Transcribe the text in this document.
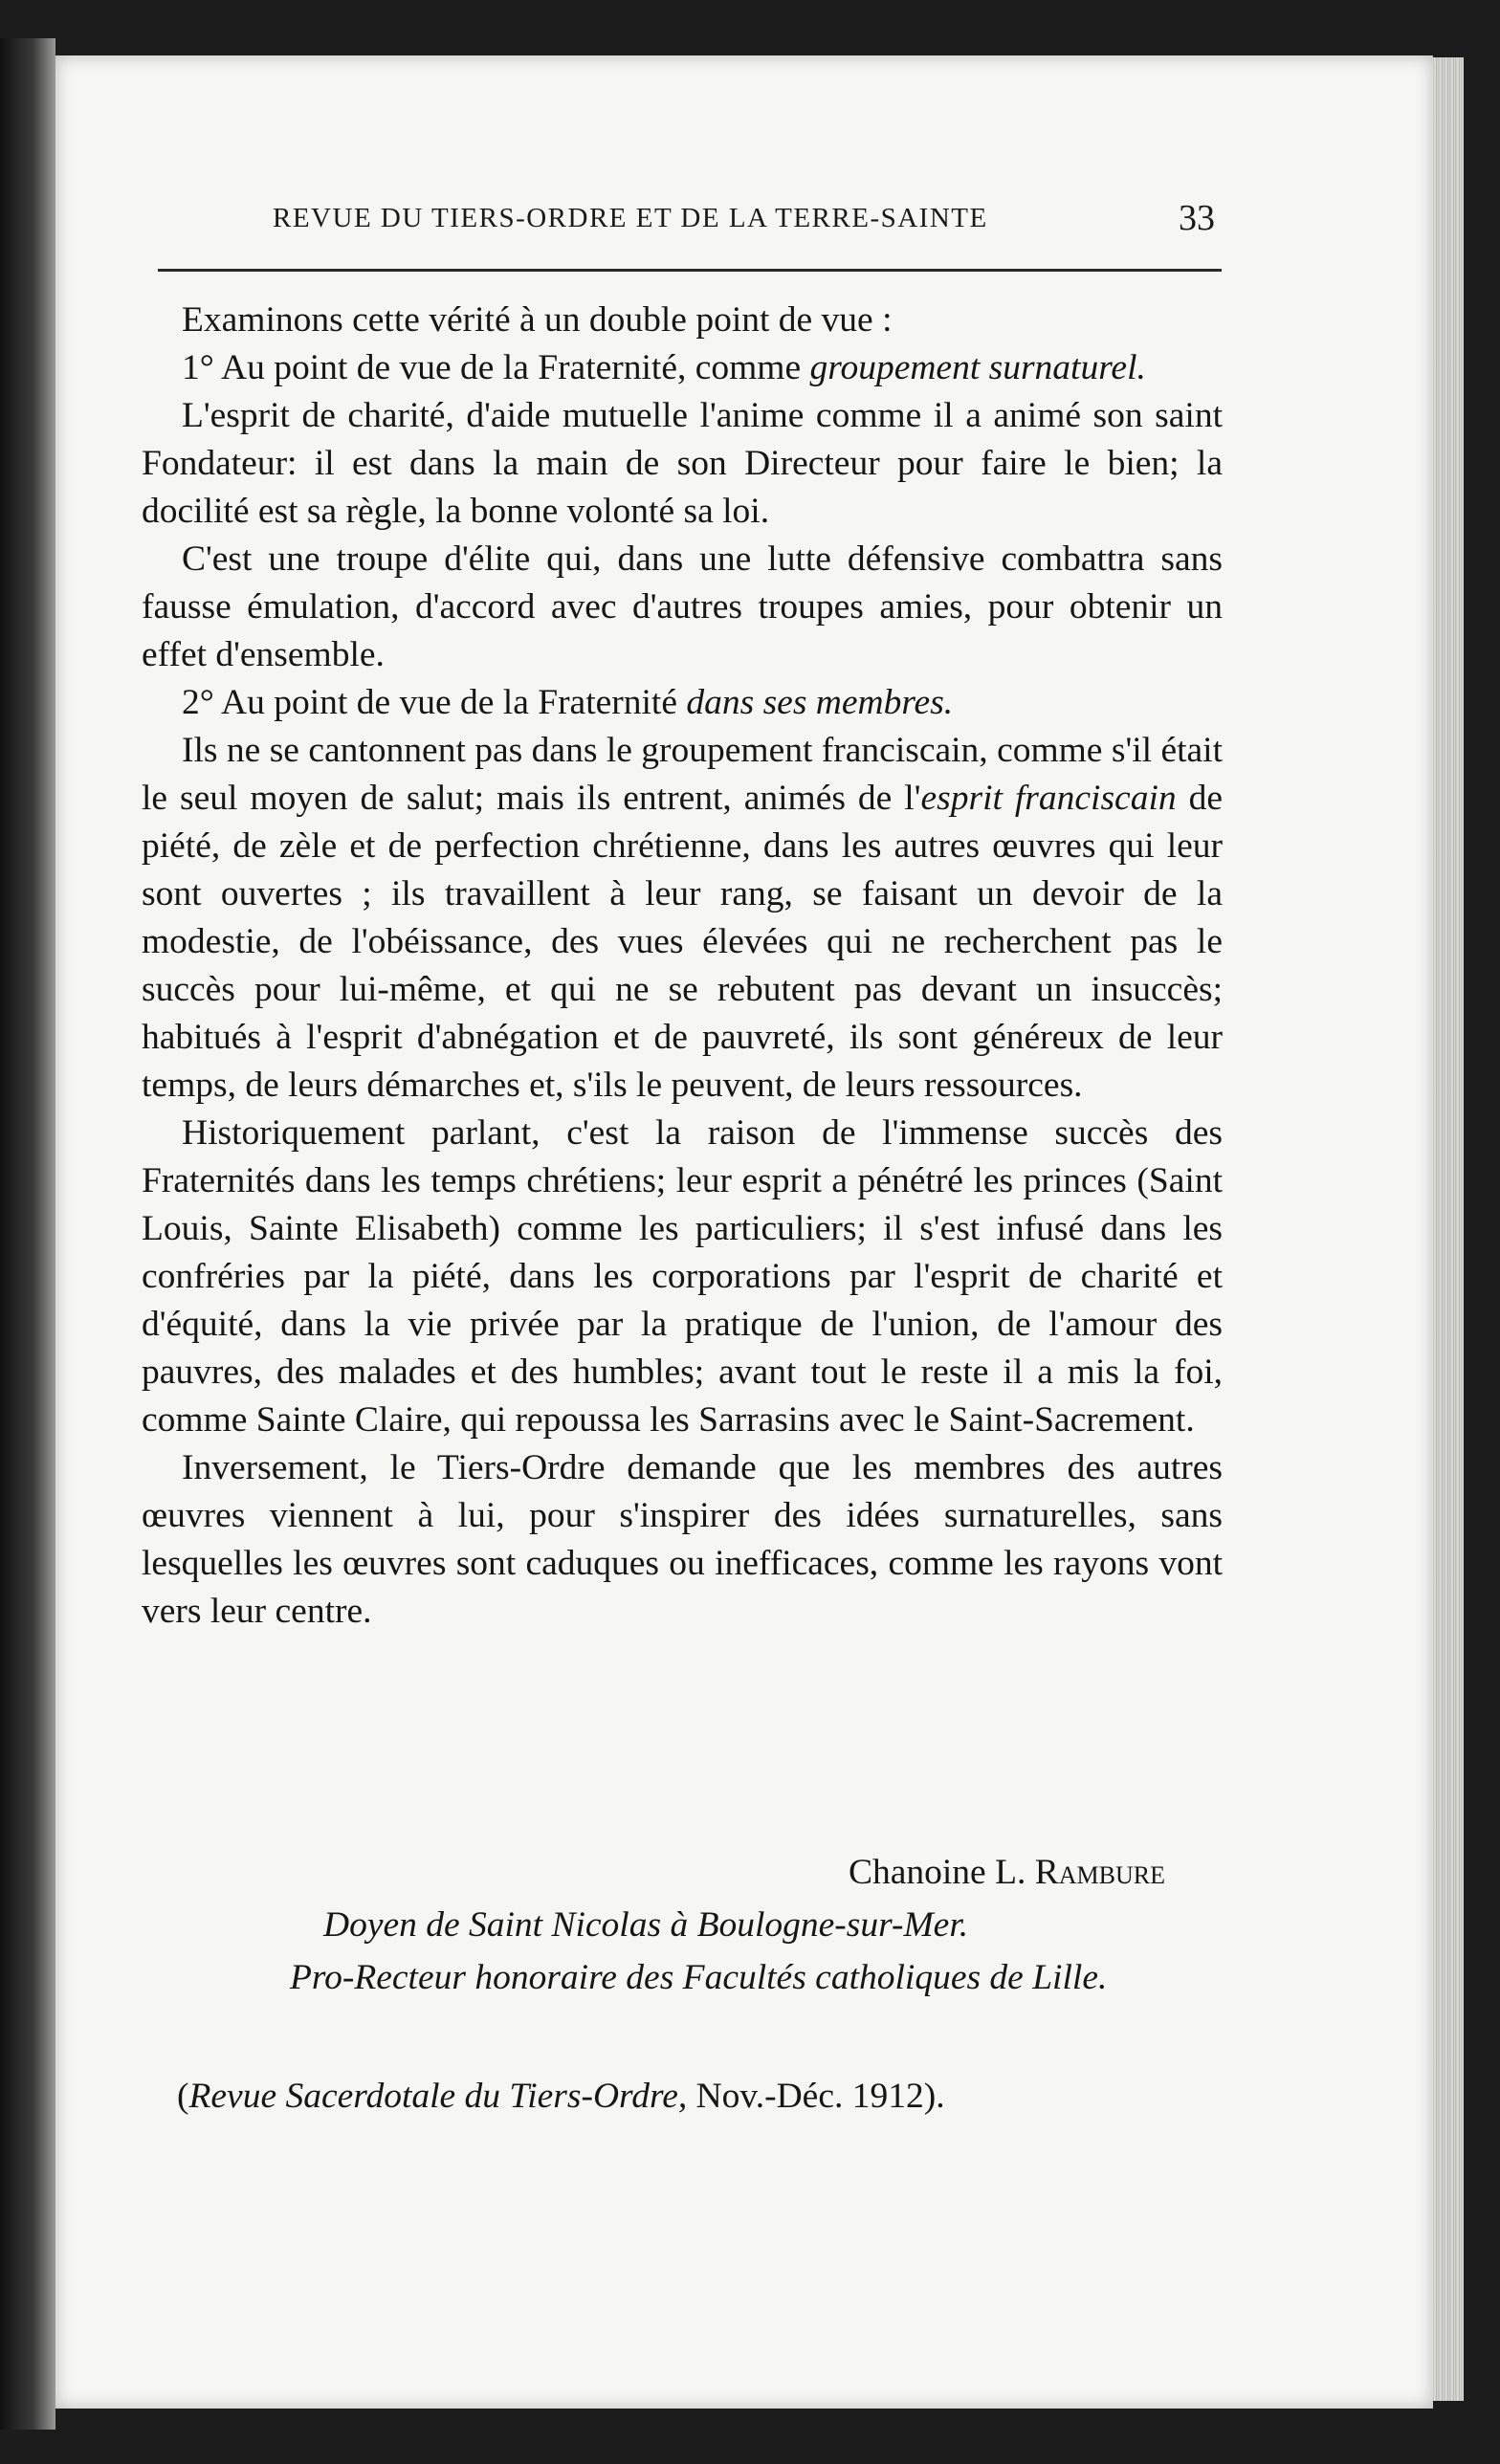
REVUE DU TIERS-ORDRE ET DE LA TERRE-SAINTE	33

Examinons cette vérité à un double point de vue :

1° Au point de vue de la Fraternité, comme groupement surnaturel.

L'esprit de charité, d'aide mutuelle l'anime comme il a animé son saint Fondateur: il est dans la main de son Directeur pour faire le bien; la docilité est sa règle, la bonne volonté sa loi.

C'est une troupe d'élite qui, dans une lutte défensive combattra sans fausse émulation, d'accord avec d'autres troupes amies, pour obtenir un effet d'ensemble.

2° Au point de vue de la Fraternité dans ses membres.

Ils ne se cantonnent pas dans le groupement franciscain, comme s'il était le seul moyen de salut; mais ils entrent, animés de l'esprit franciscain de piété, de zèle et de perfection chrétienne, dans les autres œuvres qui leur sont ouvertes ; ils travaillent à leur rang, se faisant un devoir de la modestie, de l'obéissance, des vues élevées qui ne recherchent pas le succès pour lui-même, et qui ne se rebutent pas devant un insuccès; habitués à l'esprit d'abnégation et de pauvreté, ils sont généreux de leur temps, de leurs démarches et, s'ils le peuvent, de leurs ressources.

Historiquement parlant, c'est la raison de l'immense succès des Fraternités dans les temps chrétiens; leur esprit a pénétré les princes (Saint Louis, Sainte Elisabeth) comme les particuliers; il s'est infusé dans les confréries par la piété, dans les corporations par l'esprit de charité et d'équité, dans la vie privée par la pratique de l'union, de l'amour des pauvres, des malades et des humbles; avant tout le reste il a mis la foi, comme Sainte Claire, qui repoussa les Sarrasins avec le Saint-Sacrement.

Inversement, le Tiers-Ordre demande que les membres des autres œuvres viennent à lui, pour s'inspirer des idées surnaturelles, sans lesquelles les œuvres sont caduques ou inefficaces, comme les rayons vont vers leur centre.

Chanoine L. Rambure
Doyen de Saint Nicolas à Boulogne-sur-Mer.
Pro-Recteur honoraire des Facultés catholiques de Lille.
(Revue Sacerdotale du Tiers-Ordre, Nov.-Déc. 1912).
